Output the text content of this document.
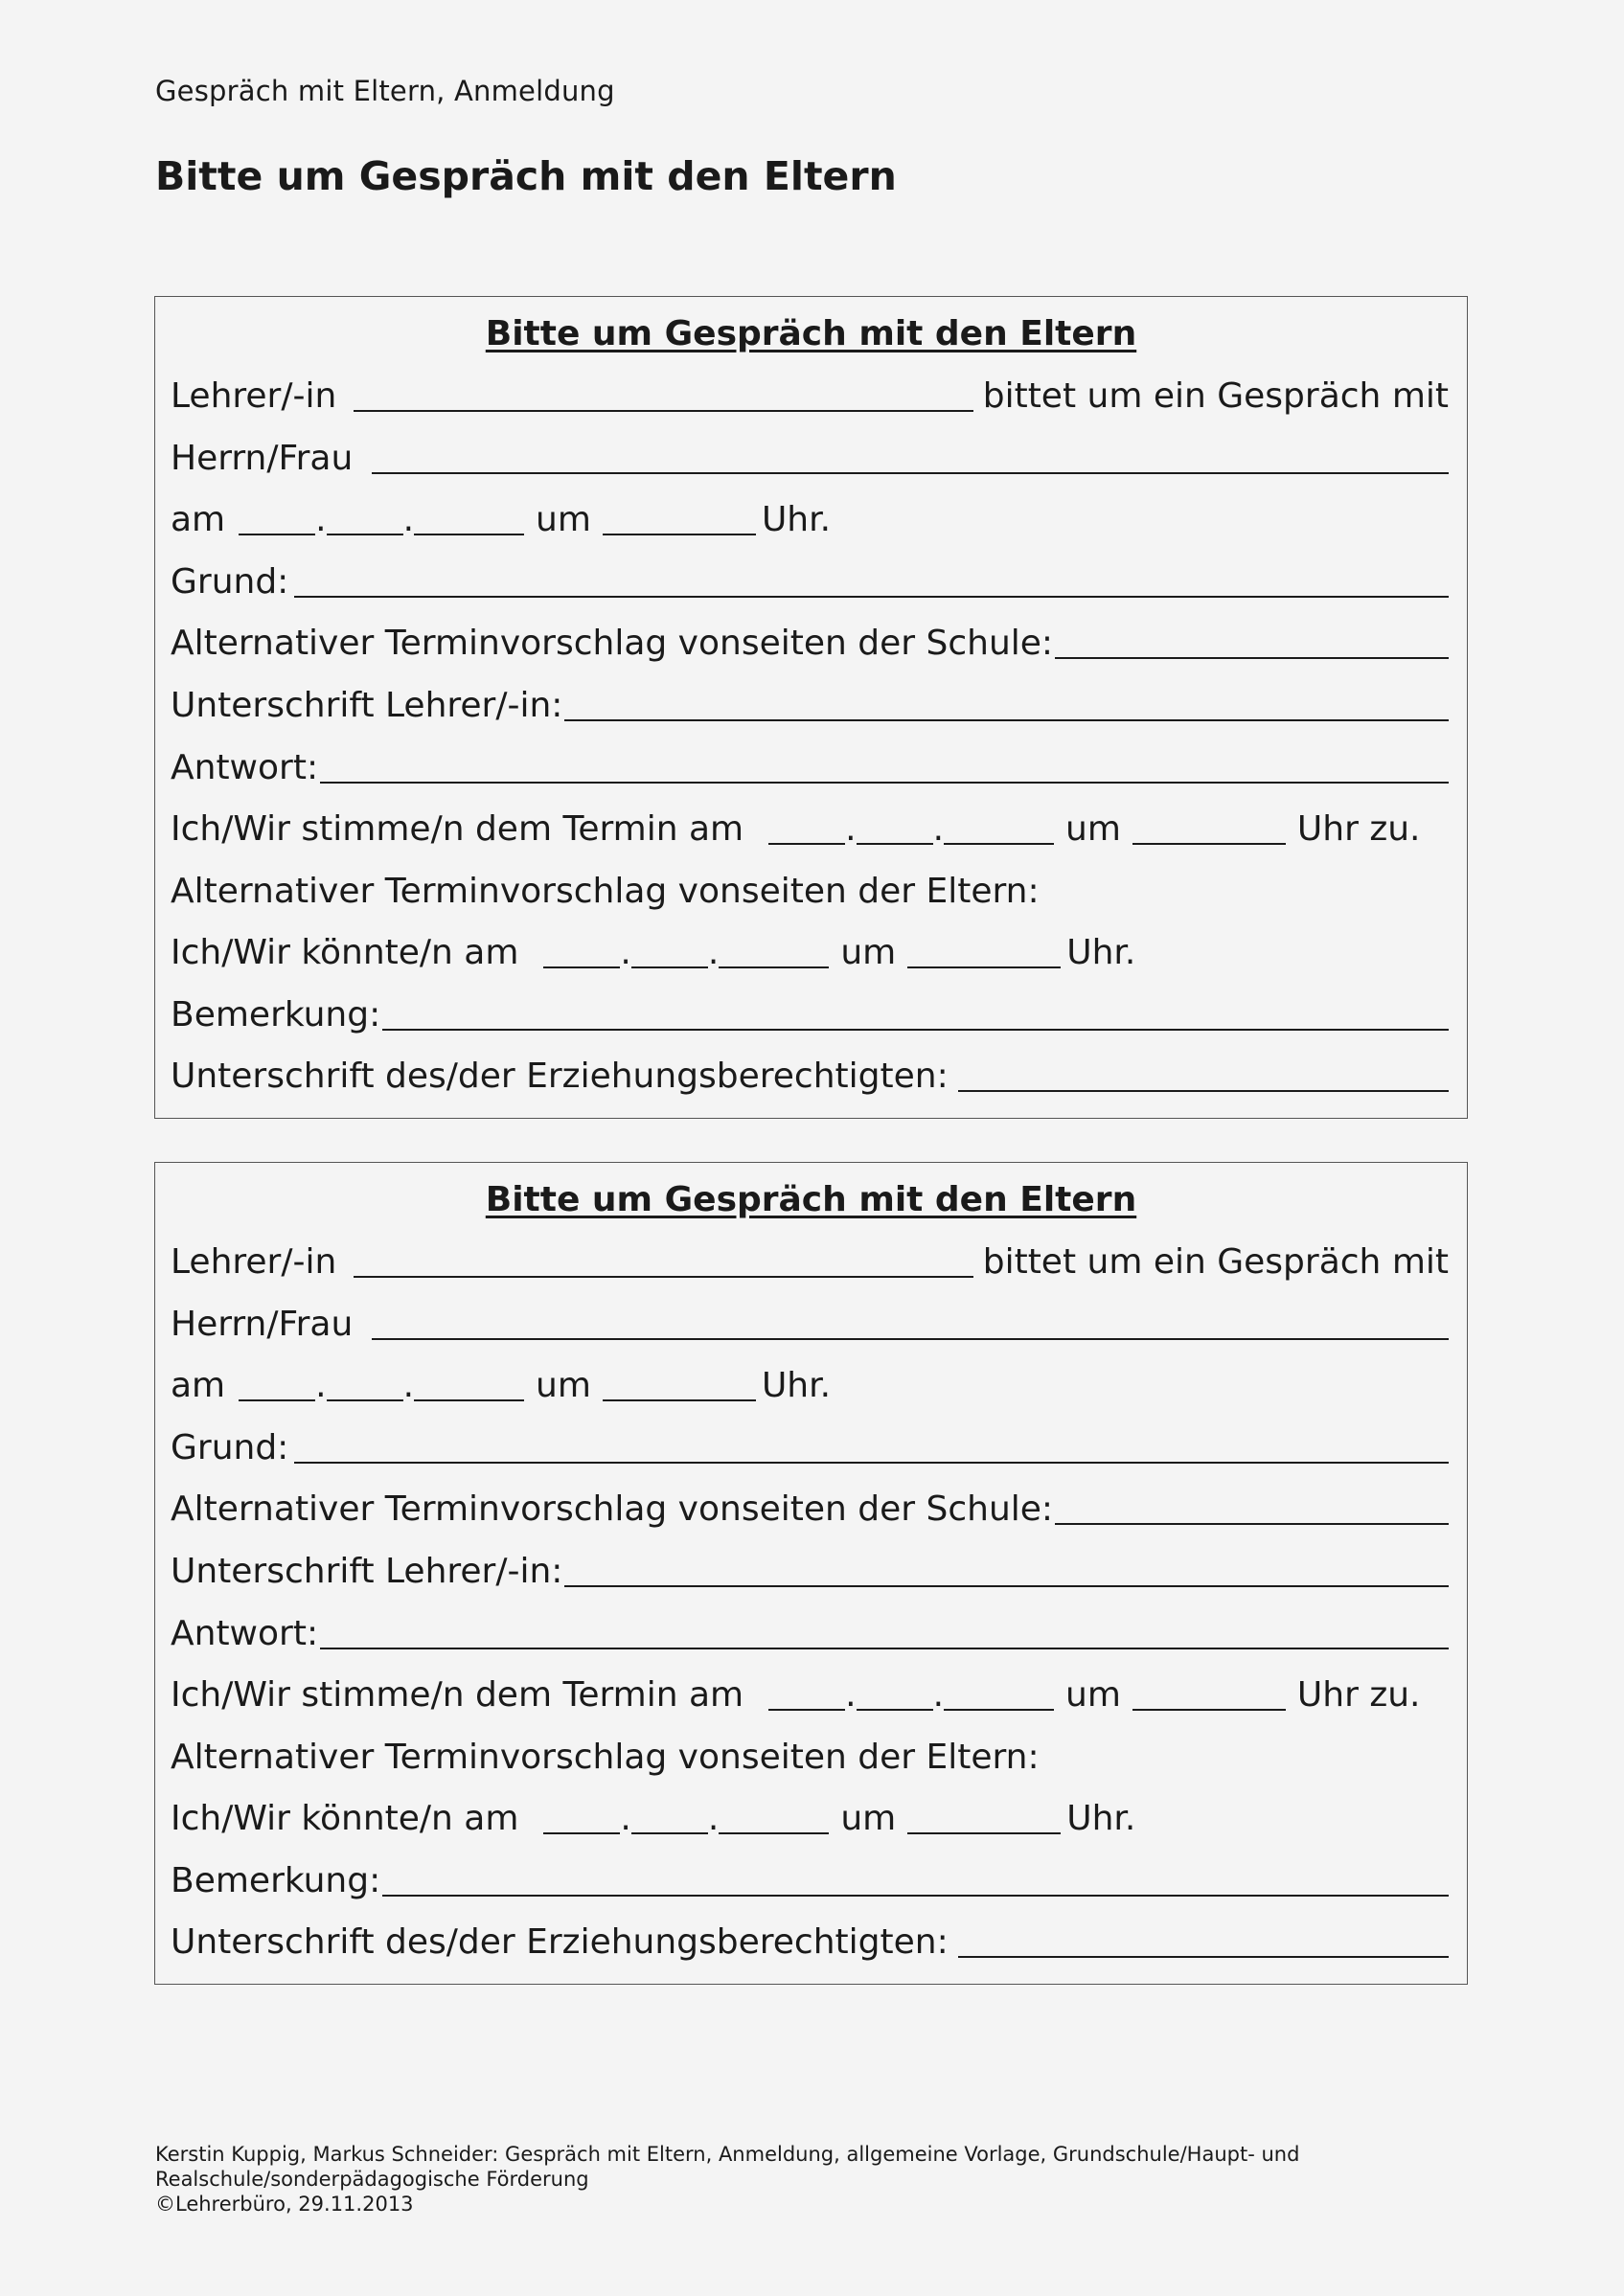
Gespräch mit Eltern, Anmeldung
Bitte um Gespräch mit den Eltern
Bitte um Gespräch mit den Eltern
Lehrer/-in	bittet um ein Gespräch mit
Herrn/Frau
am	. .	um	Uhr.
Grund:
Alternativer Terminvorschlag vonseiten der Schule:
Unterschrift Lehrer/-in:
Antwort:
Ich/Wir stimme/n dem Termin am	. .	um	Uhr zu.
Alternativer Terminvorschlag vonseiten der Eltern:
Ich/Wir könnte/n am	. .	um	Uhr.
Bemerkung:
Unterschrift des/der Erziehungsberechtigten:
Bitte um Gespräch mit den Eltern
Lehrer/-in	bittet um ein Gespräch mit
Herrn/Frau
am	. .	um	Uhr.
Grund:
Alternativer Terminvorschlag vonseiten der Schule:
Unterschrift Lehrer/-in:
Antwort:
Ich/Wir stimme/n dem Termin am	. .	um	Uhr zu.
Alternativer Terminvorschlag vonseiten der Eltern:
Ich/Wir könnte/n am	. .	um	Uhr.
Bemerkung:
Unterschrift des/der Erziehungsberechtigten:
Kerstin Kuppig, Markus Schneider: Gespräch mit Eltern, Anmeldung, allgemeine Vorlage, Grundschule/Haupt- und
Realschule/sonderpädagogische Förderung
©Lehrerbüro, 29.11.2013
